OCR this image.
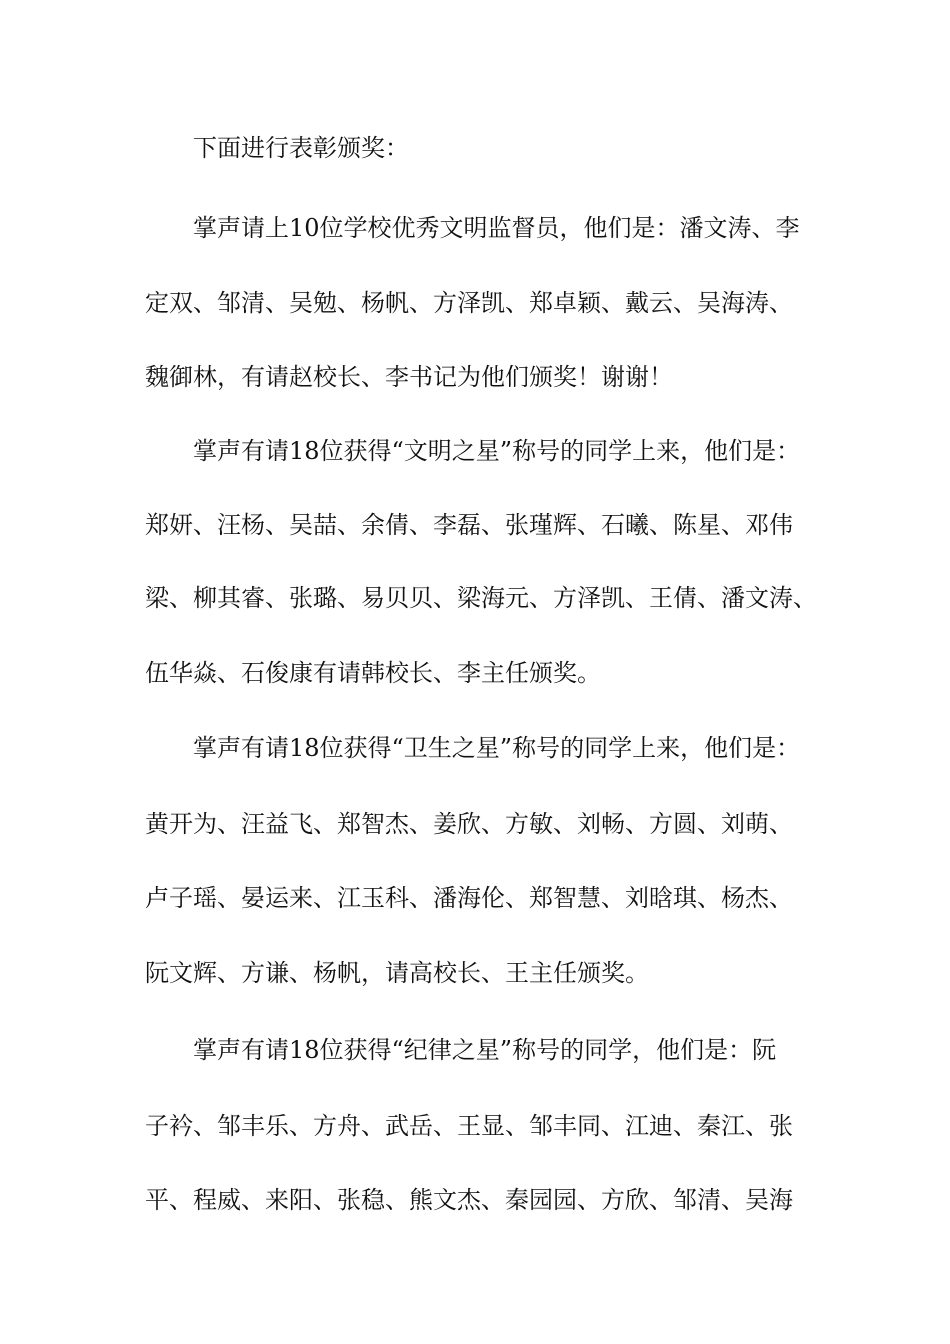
下面进行表彰颁奖：
掌声请上10位学校优秀文明监督员，他们是：潘文涛、李
定双、邹清、吴勉、杨帆、方泽凯、郑卓颖、戴云、吴海涛、
魏御林，有请赵校长、李书记为他们颁奖！谢谢！
掌声有请18位获得“文明之星”称号的同学上来，他们是：
郑妍、汪杨、吴喆、余倩、李磊、张瑾辉、石曦、陈星、邓伟
梁、柳其睿、张璐、易贝贝、梁海元、方泽凯、王倩、潘文涛、
伍华焱、石俊康有请韩校长、李主任颁奖。
掌声有请18位获得“卫生之星”称号的同学上来，他们是：
黄开为、汪益飞、郑智杰、姜欣、方敏、刘畅、方圆、刘萌、
卢子瑶、晏运来、江玉科、潘海伦、郑智慧、刘晗琪、杨杰、
阮文辉、方谦、杨帆，请高校长、王主任颁奖。
掌声有请18位获得“纪律之星”称号的同学，他们是：阮
子衿、邹丰乐、方舟、武岳、王显、邹丰同、江迪、秦江、张
平、程威、来阳、张稳、熊文杰、秦园园、方欣、邹清、吴海
